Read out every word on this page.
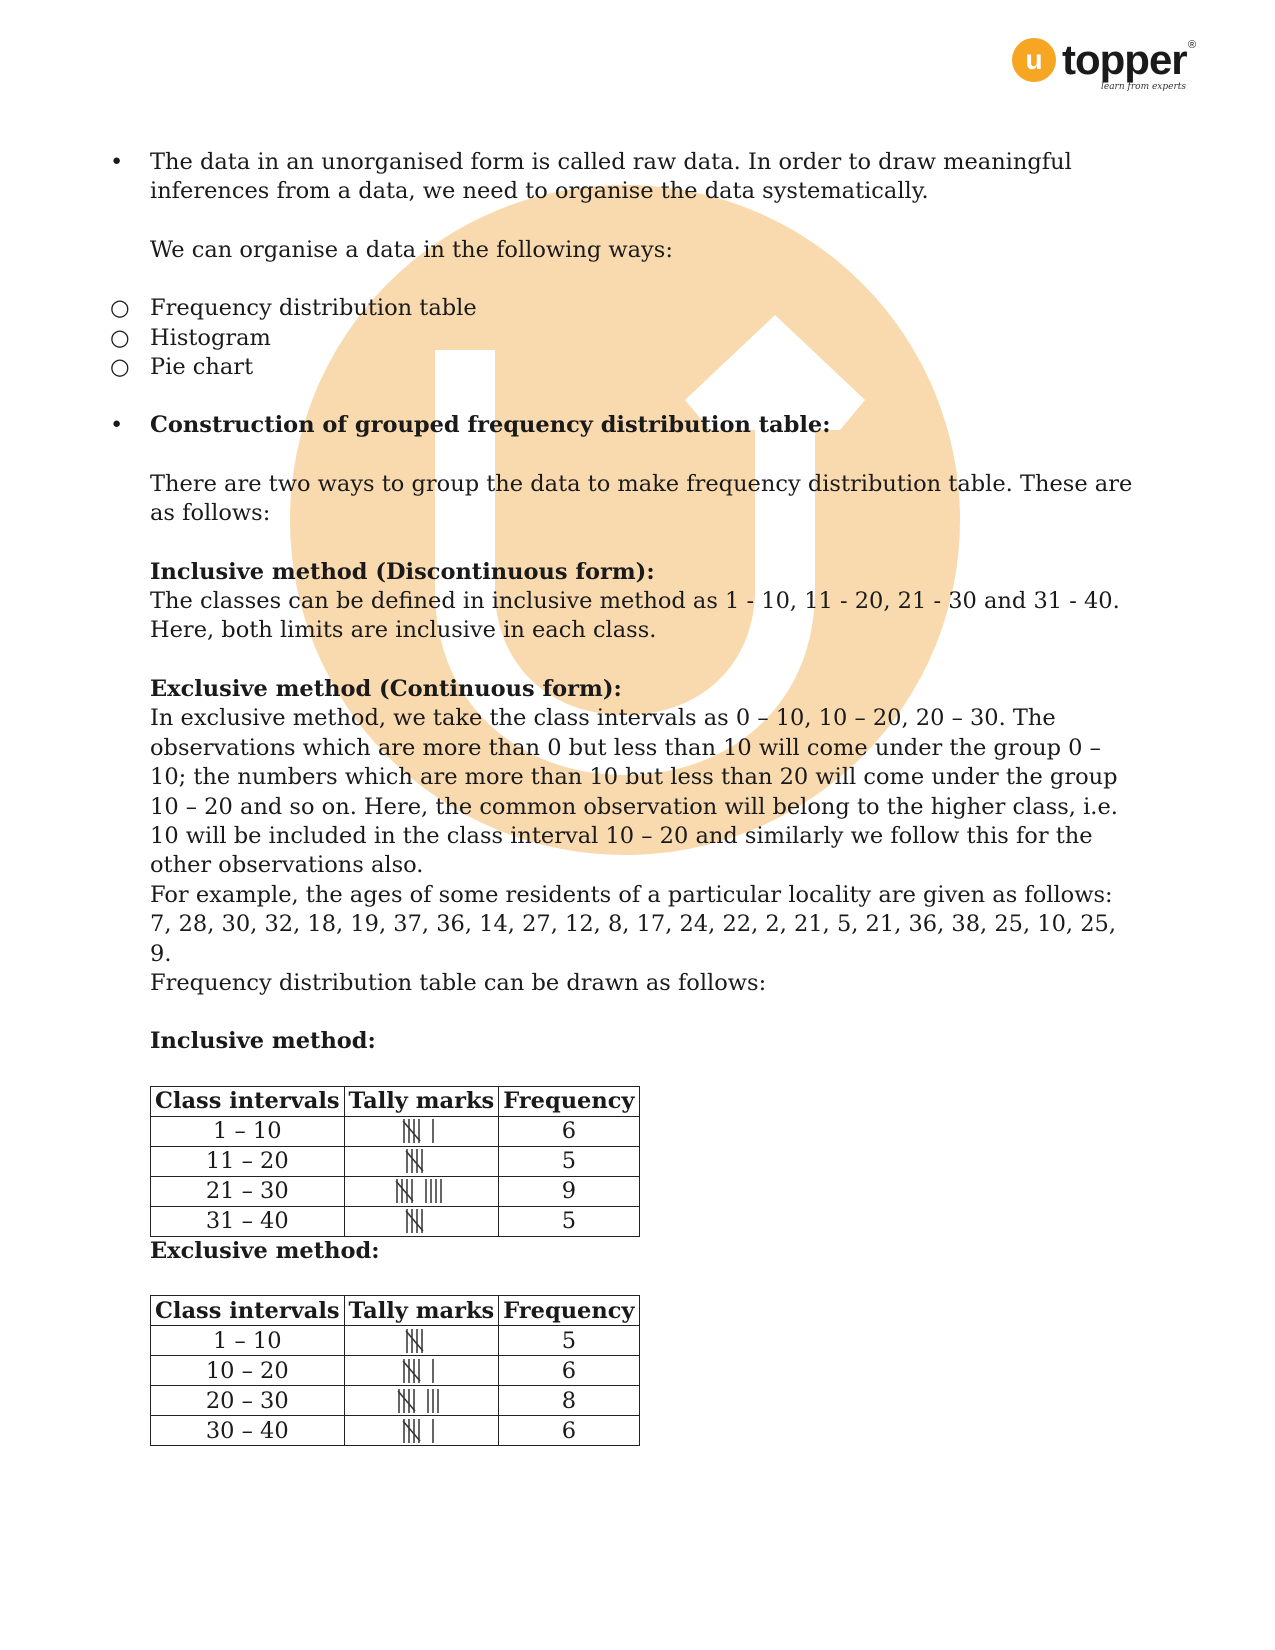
u topper ®
learn from experts
• The data in an unorganised form is called raw data. In order to draw meaningful inferences from a data, we need to organise the data systematically.

We can organise a data in the following ways:

○ Frequency distribution table
○ Histogram
○ Pie chart
• Construction of grouped frequency distribution table:

There are two ways to group the data to make frequency distribution table. These are as follows:

Inclusive method (Discontinuous form):

The classes can be defined in inclusive method as 1 - 10, 11 - 20, 21 - 30 and 31 - 40. Here, both limits are inclusive in each class.

Exclusive method (Continuous form):

In exclusive method, we take the class intervals as 0 – 10, 10 – 20, 20 – 30. The observations which are more than 0 but less than 10 will come under the group 0 – 10; the numbers which are more than 10 but less than 20 will come under the group 10 – 20 and so on. Here, the common observation will belong to the higher class, i.e. 10 will be included in the class interval 10 – 20 and similarly we follow this for the other observations also.

For example, the ages of some residents of a particular locality are given as follows:

7, 28, 30, 32, 18, 19, 37, 36, 14, 27, 12, 8, 17, 24, 22, 2, 21, 5, 21, 36, 38, 25, 10, 25, 9.

Frequency distribution table can be drawn as follows:

Inclusive method:

Class intervals	Tally marks	Frequency
1 – 10		6
11 – 20		5
21 – 30		9
31 – 40		5

Exclusive method:

Class intervals	Tally marks	Frequency
1 – 10		5
10 – 20		6
20 – 30		8
30 – 40		6
